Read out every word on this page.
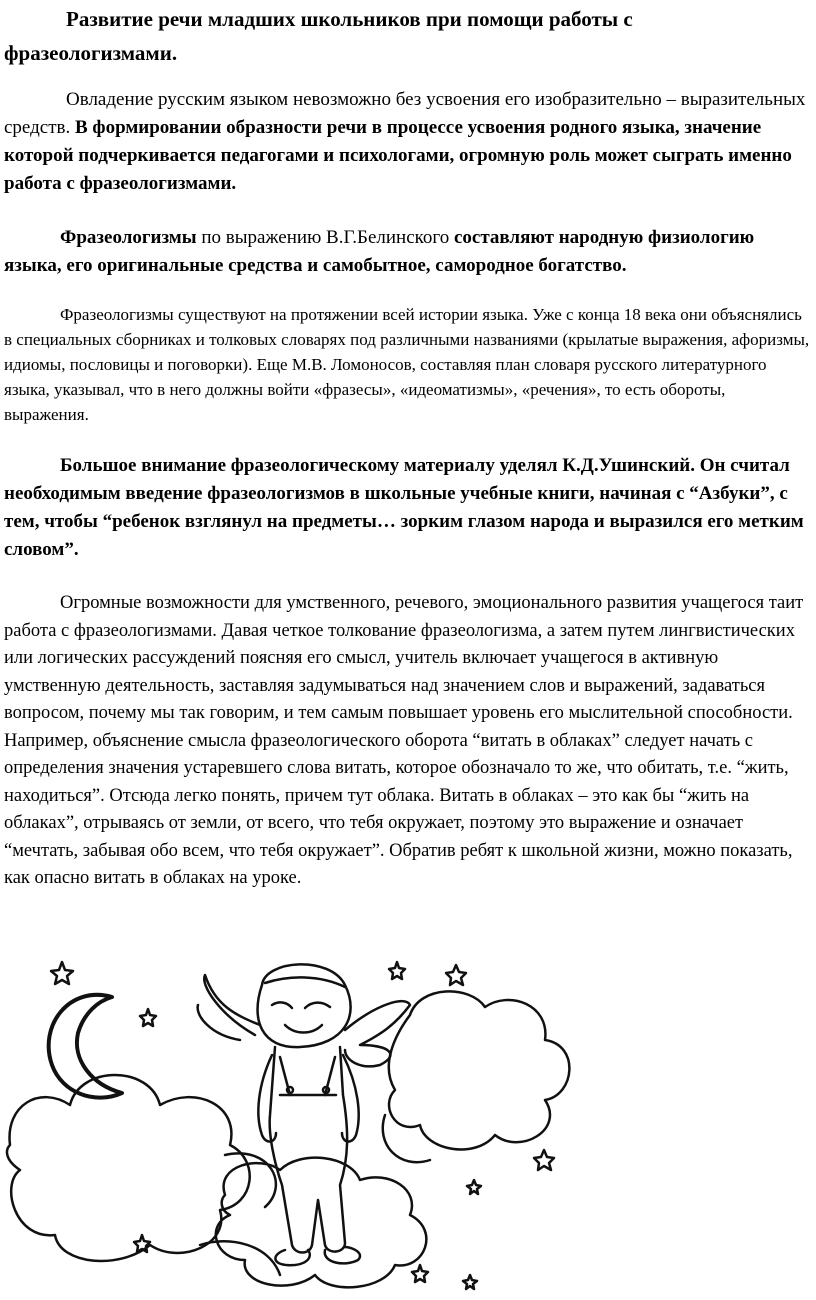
Развитие речи младших школьников при помощи работы с фразеологизмами.

Овладение русским языком невозможно без усвоения его изобразительно – выразительных средств. В формировании образности речи в процессе усвоения родного языка, значение которой подчеркивается педагогами и психологами, огромную роль может сыграть именно работа с фразеологизмами.

Фразеологизмы по выражению В.Г.Белинского составляют народную физиологию языка, его оригинальные средства и самобытное, самородное богатство.

Фразеологизмы существуют на протяжении всей истории языка. Уже с конца 18 века они объяснялись в специальных сборниках и толковых словарях под различными названиями (крылатые выражения, афоризмы, идиомы, пословицы и поговорки). Еще М.В. Ломоносов, составляя план словаря русского литературного языка, указывал, что в него должны войти «фразесы», «идеоматизмы», «речения», то есть обороты, выражения.

Большое внимание фразеологическому материалу уделял К.Д.Ушинский. Он считал необходимым введение фразеологизмов в школьные учебные книги, начиная с “Азбуки”, с тем, чтобы “ребенок взглянул на предметы… зорким глазом народа и выразился его метким словом”.

Огромные возможности для умственного, речевого, эмоционального развития учащегося таит работа с фразеологизмами. Давая четкое толкование фразеологизма, а затем путем лингвистических или логических рассуждений поясняя его смысл, учитель включает учащегося в активную умственную деятельность, заставляя задумываться над значением слов и выражений, задаваться вопросом, почему мы так говорим, и тем самым повышает уровень его мыслительной способности. Например, объяснение смысла фразеологического оборота “витать в облаках” следует начать с определения значения устаревшего слова витать, которое обозначало то же, что обитать, т.е. “жить, находиться”. Отсюда легко понять, причем тут облака. Витать в облаках – это как бы “жить на облаках”, отрываясь от земли, от всего, что тебя окружает, поэтому это выражение и означает “мечтать, забывая обо всем, что тебя окружает”. Обратив ребят к школьной жизни, можно показать, как опасно витать в облаках на уроке.
